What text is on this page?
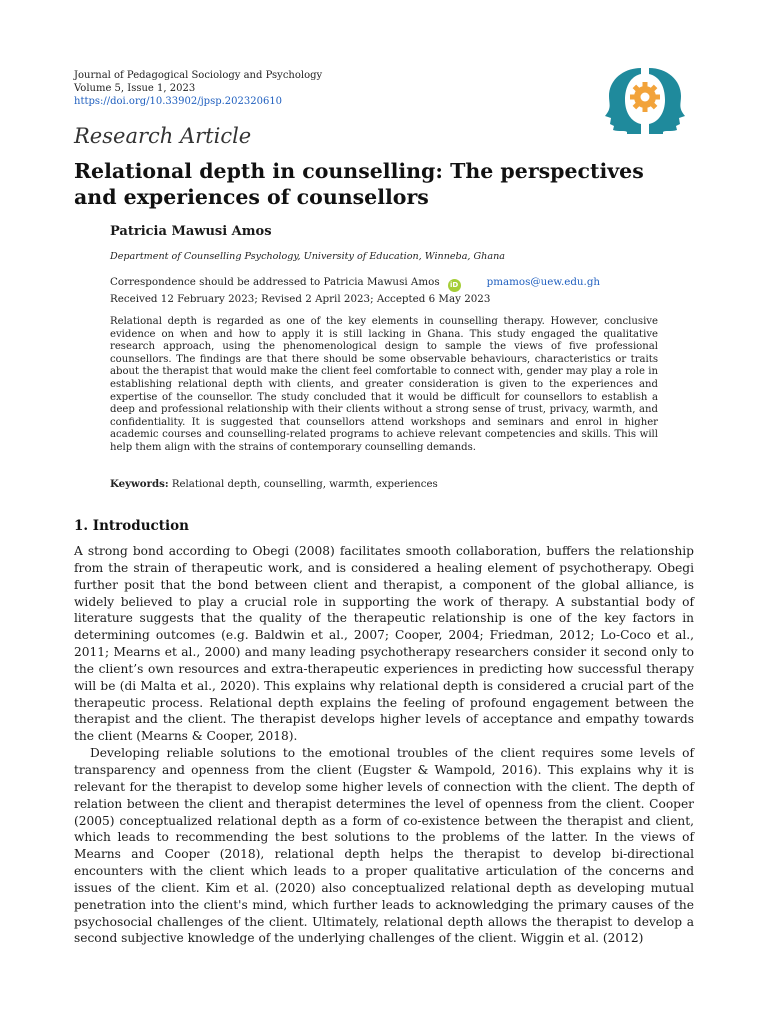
Journal of Pedagogical Sociology and Psychology
Volume 5, Issue 1, 2023
https://doi.org/10.33902/jpsp.202320610
Research Article
Relational depth in counselling: The perspectives and experiences of counsellors
Patricia Mawusi Amos
Department of Counselling Psychology, University of Education, Winneba, Ghana
Correspondence should be addressed to Patricia Mawusi Amos iD	pmamos@uew.edu.gh
Received 12 February 2023; Revised 2 April 2023; Accepted 6 May 2023
Relational depth is regarded as one of the key elements in counselling therapy. However, conclusive evidence on when and how to apply it is still lacking in Ghana. This study engaged the qualitative research approach, using the phenomenological design to sample the views of five professional counsellors. The findings are that there should be some observable behaviours, characteristics or traits about the therapist that would make the client feel comfortable to connect with, gender may play a role in establishing relational depth with clients, and greater consideration is given to the experiences and expertise of the counsellor. The study concluded that it would be difficult for counsellors to establish a deep and professional relationship with their clients without a strong sense of trust, privacy, warmth, and confidentiality. It is suggested that counsellors attend workshops and seminars and enrol in higher academic courses and counselling-related programs to achieve relevant competencies and skills. This will help them align with the strains of contemporary counselling demands.
Keywords: Relational depth, counselling, warmth, experiences
1. Introduction

A strong bond according to Obegi (2008) facilitates smooth collaboration, buffers the relationship from the strain of therapeutic work, and is considered a healing element of psychotherapy. Obegi further posit that the bond between client and therapist, a component of the global alliance, is widely believed to play a crucial role in supporting the work of therapy. A substantial body of literature suggests that the quality of the therapeutic relationship is one of the key factors in determining outcomes (e.g. Baldwin et al., 2007; Cooper, 2004; Friedman, 2012; Lo-Coco et al., 2011; Mearns et al., 2000) and many leading psychotherapy researchers consider it second only to the client’s own resources and extra-therapeutic experiences in predicting how successful therapy will be (di Malta et al., 2020). This explains why relational depth is considered a crucial part of the therapeutic process. Relational depth explains the feeling of profound engagement between the therapist and the client. The therapist develops higher levels of acceptance and empathy towards the client (Mearns & Cooper, 2018).

Developing reliable solutions to the emotional troubles of the client requires some levels of transparency and openness from the client (Eugster & Wampold, 2016). This explains why it is relevant for the therapist to develop some higher levels of connection with the client. The depth of relation between the client and therapist determines the level of openness from the client. Cooper (2005) conceptualized relational depth as a form of co-existence between the therapist and client, which leads to recommending the best solutions to the problems of the latter. In the views of Mearns and Cooper (2018), relational depth helps the therapist to develop bi-directional encounters with the client which leads to a proper qualitative articulation of the concerns and issues of the client. Kim et al. (2020) also conceptualized relational depth as developing mutual penetration into the client's mind, which further leads to acknowledging the primary causes of the psychosocial challenges of the client. Ultimately, relational depth allows the therapist to develop a second subjective knowledge of the underlying challenges of the client. Wiggin et al. (2012)
